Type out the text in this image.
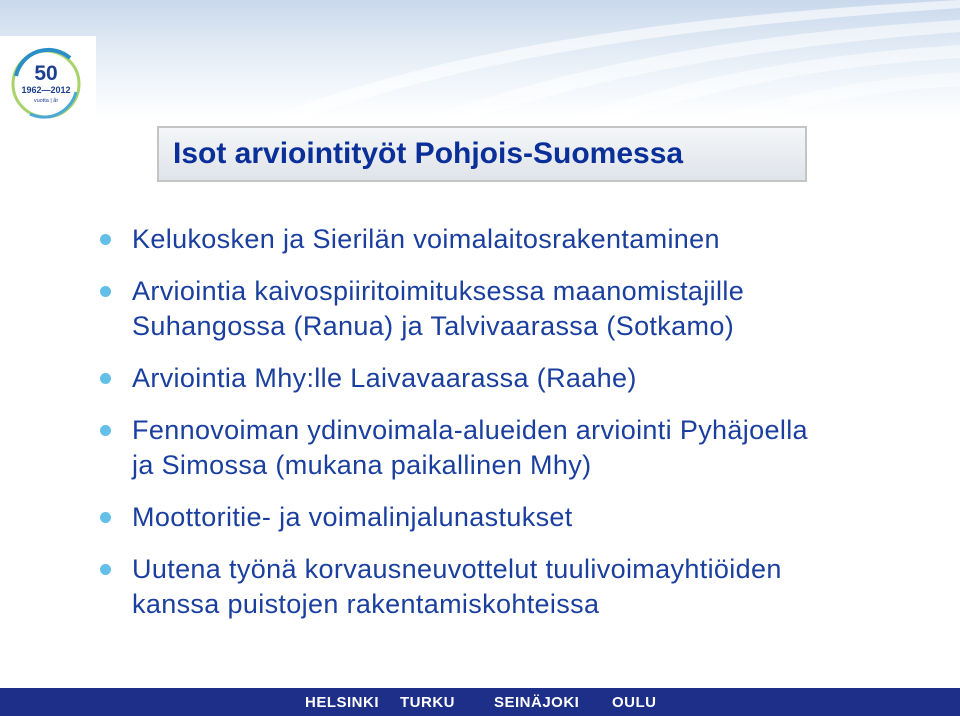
50
1962—2012
vuotta | år
Isot arviointityöt Pohjois-Suomessa
Kelukosken ja Sierilän voimalaitosrakentaminen
Arviointia kaivospiiritoimituksessa maanomistajille
Suhangossa (Ranua) ja Talvivaarassa (Sotkamo)
Arviointia Mhy:lle Laivavaarassa (Raahe)
Fennovoiman ydinvoimala-alueiden arviointi Pyhäjoella
ja Simossa (mukana paikallinen Mhy)
Moottoritie- ja voimalinjalunastukset
Uutena työnä korvausneuvottelut tuulivoimayhtiöiden
kanssa puistojen rakentamiskohteissa
HELSINKI TURKU	SEINÄJOKI OULU
